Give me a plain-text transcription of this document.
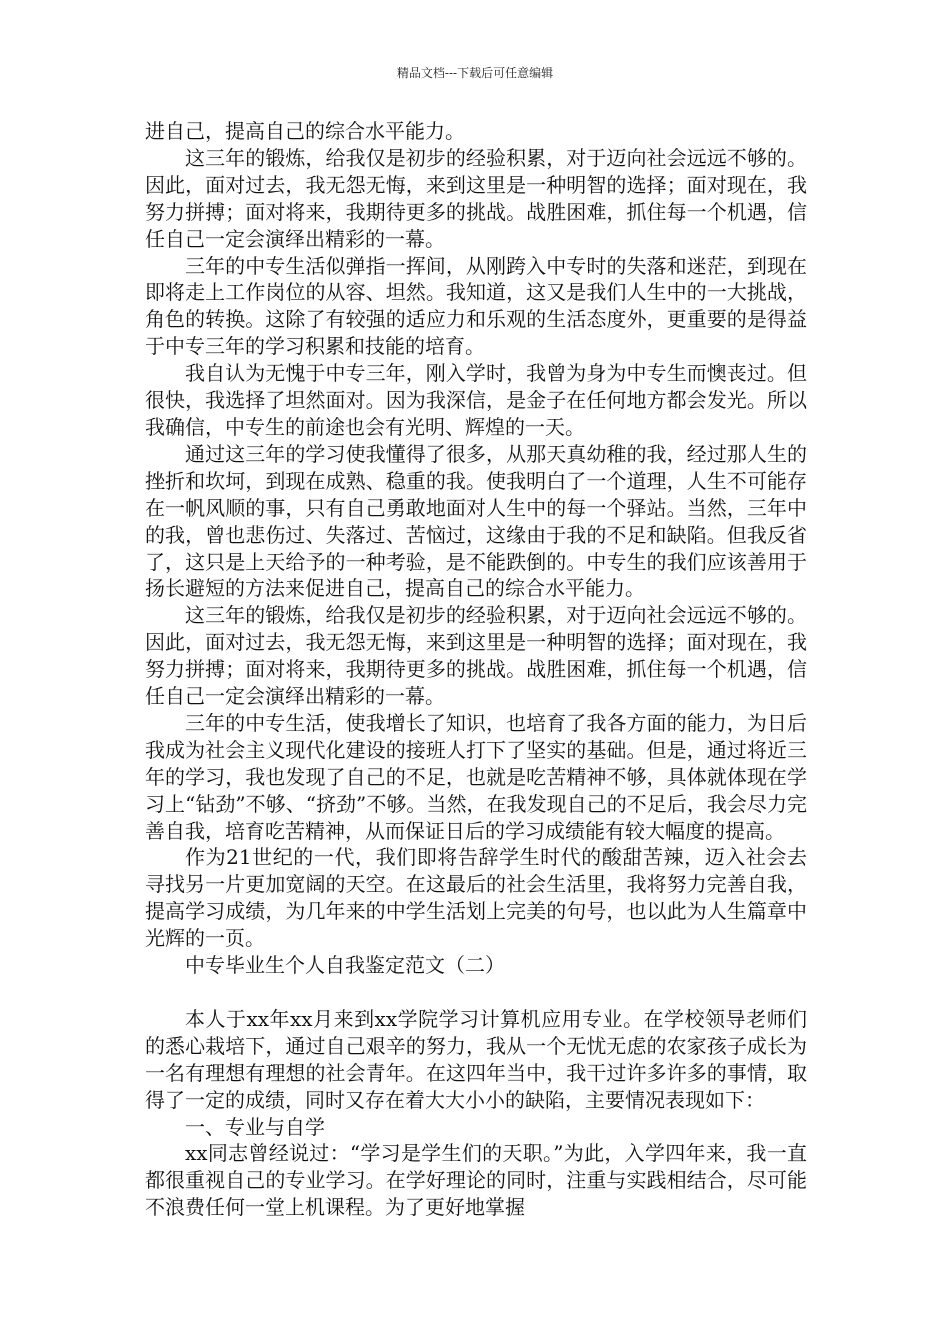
精品文档---下载后可任意编辑

进自己，提高自己的综合水平能力。

这三年的锻炼，给我仅是初步的经验积累，对于迈向社会远远不够的。因此，面对过去，我无怨无悔，来到这里是一种明智的选择；面对现在，我努力拼搏；面对将来，我期待更多的挑战。战胜困难，抓住每一个机遇，信任自己一定会演绎出精彩的一幕。

三年的中专生活似弹指一挥间，从刚跨入中专时的失落和迷茫，到现在即将走上工作岗位的从容、坦然。我知道，这又是我们人生中的一大挑战，角色的转换。这除了有较强的适应力和乐观的生活态度外，更重要的是得益于中专三年的学习积累和技能的培育。

我自认为无愧于中专三年，刚入学时，我曾为身为中专生而懊丧过。但很快，我选择了坦然面对。因为我深信，是金子在任何地方都会发光。所以我确信，中专生的前途也会有光明、辉煌的一天。

通过这三年的学习使我懂得了很多，从那天真幼稚的我，经过那人生的挫折和坎坷，到现在成熟、稳重的我。使我明白了一个道理，人生不可能存在一帆风顺的事，只有自己勇敢地面对人生中的每一个驿站。当然，三年中的我，曾也悲伤过、失落过、苦恼过，这缘由于我的不足和缺陷。但我反省了，这只是上天给予的一种考验，是不能跌倒的。中专生的我们应该善用于扬长避短的方法来促进自己，提高自己的综合水平能力。

这三年的锻炼，给我仅是初步的经验积累，对于迈向社会远远不够的。因此，面对过去，我无怨无悔，来到这里是一种明智的选择；面对现在，我努力拼搏；面对将来，我期待更多的挑战。战胜困难，抓住每一个机遇，信任自己一定会演绎出精彩的一幕。

三年的中专生活，使我增长了知识，也培育了我各方面的能力，为日后我成为社会主义现代化建设的接班人打下了坚实的基础。但是，通过将近三年的学习，我也发现了自己的不足，也就是吃苦精神不够，具体就体现在学习上“钻劲”不够、“挤劲”不够。当然，在我发现自己的不足后，我会尽力完善自我，培育吃苦精神，从而保证日后的学习成绩能有较大幅度的提高。

作为21世纪的一代，我们即将告辞学生时代的酸甜苦辣，迈入社会去寻找另一片更加宽阔的天空。在这最后的社会生活里，我将努力完善自我，提高学习成绩，为几年来的中学生活划上完美的句号，也以此为人生篇章中光辉的一页。

中专毕业生个人自我鉴定范文（二）

本人于xx年xx月来到xx学院学习计算机应用专业。在学校领导老师们的悉心栽培下，通过自己艰辛的努力，我从一个无忧无虑的农家孩子成长为一名有理想有理想的社会青年。在这四年当中，我干过许多许多的事情，取得了一定的成绩，同时又存在着大大小小的缺陷，主要情况表现如下：

一、专业与自学

xx同志曾经说过：“学习是学生们的天职。”为此，入学四年来，我一直都很重视自己的专业学习。在学好理论的同时，注重与实践相结合，尽可能不浪费任何一堂上机课程。为了更好地掌握
